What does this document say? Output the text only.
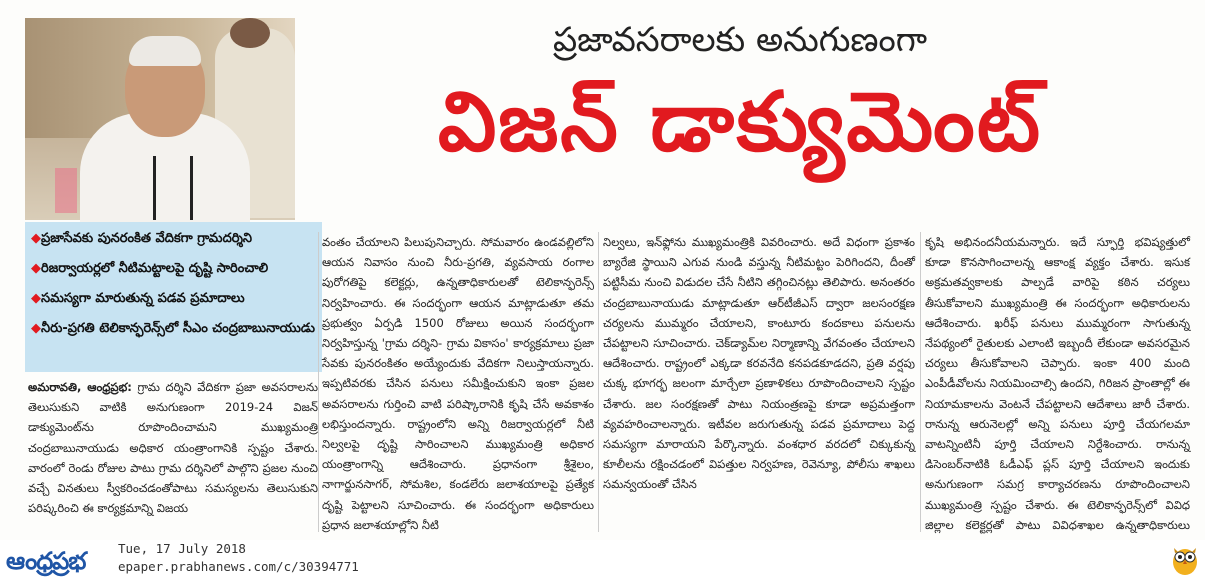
ప్రజావసరాలకు అనుగుణంగా
విజన్ డాక్యుమెంట్
◆ప్రజాసేవకు పునరంకిత వేదికగా గ్రామదర్శిని
◆రిజర్వాయర్లలో నీటిమట్టాలపై దృష్టి సారించాలి
◆సమస్యగా మారుతున్న పడవ ప్రమాదాలు
◆నీరు-ప్రగతి టెలికాన్ఫరెన్స్‌లో సీఎం చంద్రబాబునాయుడు

అమరావతి, ఆంధ్రప్రభ: గ్రామ దర్శిని వేదికగా ప్రజా అవసరాలను తెలుసుకుని వాటికి అనుగుణంగా 2019-24 విజన్ డాక్యుమెంట్‌ను రూపొందించామని ముఖ్యమంత్రి చంద్రబాబునాయుడు అధికార యంత్రాంగానికి స్పష్టం చేశారు. వారంలో రెండు రోజుల పాటు గ్రామ దర్శినిలో పాల్గొని ప్రజల నుంచి వచ్చే వినతులు స్వీకరించడంతోపాటు సమస్యలను తెలుసుకుని పరిష్కరించి ఈ కార్యక్రమాన్ని విజయ

వంతం చేయాలని పిలుపునిచ్చారు. సోమవారం ఉండవల్లిలోని ఆయన నివాసం నుంచి నీరు-ప్రగతి, వ్యవసాయ రంగాల పురోగతిపై కలెక్టర్లు, ఉన్నతాధికారులతో టెలికాన్ఫరెన్స్ నిర్వహించారు. ఈ సందర్భంగా ఆయన మాట్లాడుతూ తమ ప్రభుత్వం ఏర్పడి 1500 రోజులు అయిన సందర్భంగా నిర్వహిస్తున్న 'గ్రామ దర్శిని- గ్రామ వికాసం' కార్యక్రమాలు ప్రజా సేవకు పునరంకితం అయ్యేందుకు వేదికగా నిలుస్తాయన్నారు. ఇప్పటివరకు చేసిన పనులు సమీక్షించుకుని ఇంకా ప్రజల అవసరాలను గుర్తించి వాటి పరిష్కారానికి కృషి చేసే అవకాశం లభిస్తుందన్నారు. రాష్ట్రంలోని అన్ని రిజర్వాయర్లలో నీటి నిల్వలపై దృష్టి సారించాలని ముఖ్యమంత్రి అధికార యంత్రాంగాన్ని ఆదేశించారు. ప్రధానంగా శ్రీశైలం, నాగార్జునసాగర్, సోమశిల, కండలేరు జలాశయాలపై ప్రత్యేక దృష్టి పెట్టాలని సూచించారు. ఈ సందర్భంగా అధికారులు ప్రధాన జలాశయాల్లోని నీటి

నిల్వలు, ఇన్‌ఫ్లో‌ను ముఖ్యమంత్రికి వివరించారు. అదే విధంగా ప్రకాశం బ్యారేజి స్థాయిని ఎగువ నుండి వస్తున్న నీటిమట్టం పెరిగిందని, దీంతో పట్టిసీమ నుంచి విడుదల చేసే నీటిని తగ్గించినట్లు తెలిపారు. అనంతరం చంద్రబాబునాయుడు మాట్లాడుతూ ఆర్‌టీజీఎస్ ద్వారా జలసంరక్షణ చర్యలను ముమ్మరం చేయాలని, కాంటూరు కందకాలు పనులను చేపట్టాలని సూచించారు. చెక్‌డ్యామ్‌ల నిర్మాణాన్ని వేగవంతం చేయాలని ఆదేశించారు. రాష్ట్రంలో ఎక్కడా కరవనేది కనపడకూడదని, ప్రతి వర్షపు చుక్క భూగర్భ జలంగా మార్చేలా ప్రణాళికలు రూపొందించాలని స్పష్టం చేశారు. జల సంరక్షణతో పాటు నియంత్రణపై కూడా అప్రమత్తంగా వ్యవహరించాలన్నారు. ఇటీవల జరుగుతున్న పడవ ప్రమాదాలు పెద్ద సమస్యగా మారాయని పేర్కొన్నారు. వంశధార వరదలో చిక్కుకున్న కూలీలను రక్షించడంలో విపత్తుల నిర్వహణ, రెవెన్యూ, పోలీసు శాఖలు సమన్వయంతో చేసిన

కృషి అభినందనీయమన్నారు. ఇదే స్ఫూర్తి భవిష్యత్తులో కూడా కొనసాగించాలన్న ఆకాంక్ష వ్యక్తం చేశారు. ఇసుక అక్రమతవ్వకాలకు పాల్పడే వారిపై కఠిన చర్యలు తీసుకోవాలని ముఖ్యమంత్రి ఈ సందర్భంగా అధికారులను ఆదేశించారు. ఖరీఫ్ పనులు ముమ్మరంగా సాగుతున్న నేపథ్యంలో రైతులకు ఎలాంటి ఇబ్బందీ లేకుండా అవసరమైన చర్యలు తీసుకోవాలని చెప్పారు. ఇంకా 400 మంది ఎంపీడీవోలను నియమించాల్సి ఉందని, గిరిజన ప్రాంతాల్లో ఈ నియామకాలను వెంటనే చేపట్టాలని ఆదేశాలు జారీ చేశారు. రానున్న ఆరునెలల్లో అన్ని పనులు పూర్తి చేయగలమా వాటన్నింటినీ పూర్తి చేయాలని నిర్దేశించారు. రానున్న డిసెంబర్‌నాటికి ఓడీఎఫ్ ప్లస్ పూర్తి చేయాలని ఇందుకు అనుగుణంగా సమగ్ర కార్యాచరణను రూపొందించాలని ముఖ్యమంత్రి స్పష్టం చేశారు. ఈ టెలికాన్ఫరెన్స్‌లో వివిధ జిల్లాల కలెక్టర్లతో పాటు వివిధశాఖల ఉన్నతాధికారులు

ఆంధ్రప్రభ	Tue, 17 July 2018
epaper.prabhanews.com/c/30394771
